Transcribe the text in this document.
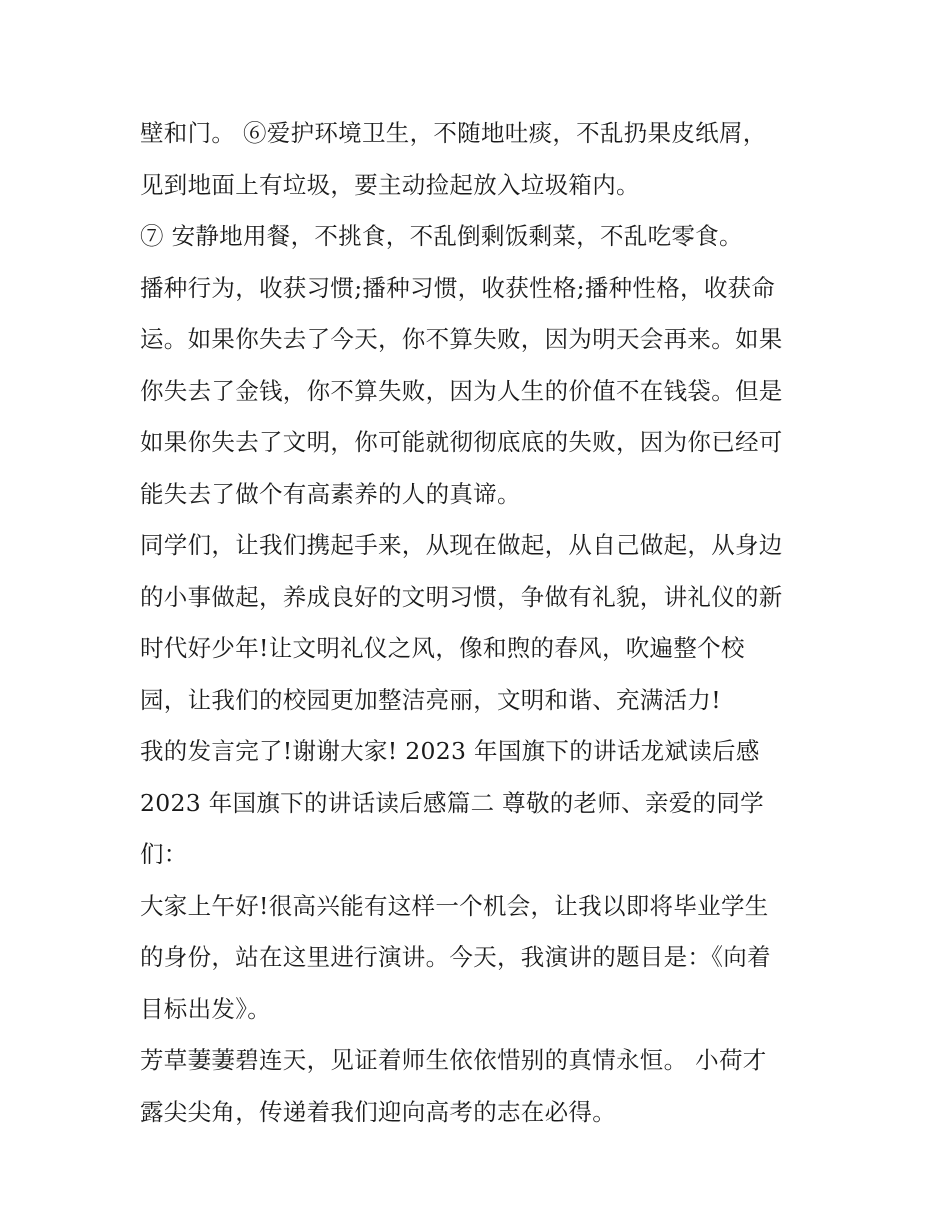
壁和门。 ⑥爱护环境卫生，不随地吐痰，不乱扔果皮纸屑，
见到地面上有垃圾，要主动捡起放入垃圾箱内。
⑦ 安静地用餐，不挑食，不乱倒剩饭剩菜，不乱吃零食。
播种行为，收获习惯;播种习惯，收获性格;播种性格，收获命
运。如果你失去了今天，你不算失败，因为明天会再来。如果
你失去了金钱，你不算失败，因为人生的价值不在钱袋。但是
如果你失去了文明，你可能就彻彻底底的失败，因为你已经可
能失去了做个有高素养的人的真谛。
同学们，让我们携起手来，从现在做起，从自己做起，从身边
的小事做起，养成良好的文明习惯，争做有礼貌，讲礼仪的新
时代好少年!让文明礼仪之风，像和煦的春风，吹遍整个校
园，让我们的校园更加整洁亮丽，文明和谐、充满活力!
我的发言完了!谢谢大家! 2023 年国旗下的讲话龙斌读后感
2023 年国旗下的讲话读后感篇二 尊敬的老师、亲爱的同学
们：
大家上午好!很高兴能有这样一个机会，让我以即将毕业学生
的身份，站在这里进行演讲。今天，我演讲的题目是：《向着
目标出发》。
芳草萋萋碧连天，见证着师生依依惜别的真情永恒。 小荷才
露尖尖角，传递着我们迎向高考的志在必得。
